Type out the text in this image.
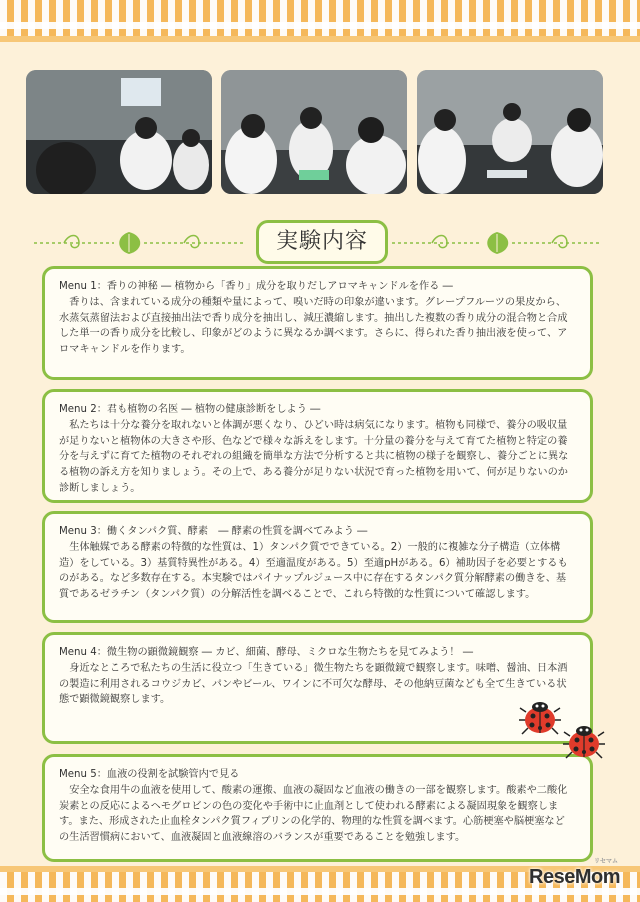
実験内容
Menu 1：香りの神秘 ― 植物から「香り」成分を取りだしアロマキャンドルを作る ―
香りは、含まれている成分の種類や量によって、嗅いだ時の印象が違います。グレープフルーツの果皮から、水蒸気蒸留法および直接抽出法で香り成分を抽出し、減圧濃縮します。抽出した複数の香り成分の混合物と合成した単一の香り成分を比較し、印象がどのように異なるか調べます。さらに、得られた香り抽出液を使って、アロマキャンドルを作ります。
Menu 2：君も植物の名医 ― 植物の健康診断をしよう ―
私たちは十分な養分を取れないと体調が悪くなり、ひどい時は病気になります。植物も同様で、養分の吸収量が足りないと植物体の大きさや形、色などで様々な訴えをします。十分量の養分を与えて育てた植物と特定の養分を与えずに育てた植物のそれぞれの組織を簡単な方法で分析すると共に植物の様子を観察し、養分ごとに異なる植物の訴え方を知りましょう。その上で、ある養分が足りない状況で育った植物を用いて、何が足りないのか診断しましょう。
Menu 3：働くタンパク質、酵素　― 酵素の性質を調べてみよう ―
生体触媒である酵素の特徴的な性質は、1）タンパク質でできている。2）一般的に複雑な分子構造（立体構造）をしている。3）基質特異性がある。4）至適温度がある。5）至適pHがある。6）補助因子を必要とするものがある。など多数存在する。本実験ではパイナップルジュース中に存在するタンパク質分解酵素の働きを、基質であるゼラチン（タンパク質）の分解活性を調べることで、これら特徴的な性質について確認します。
Menu 4：微生物の顕微鏡観察 ― カビ、細菌、酵母、ミクロな生物たちを見てみよう！ ―
身近なところで私たちの生活に役立つ「生きている」微生物たちを顕微鏡で観察します。味噌、醤油、日本酒の製造に利用されるコウジカビ、パンやビール、ワインに不可欠な酵母、その他納豆菌なども全て生きている状態で顕微鏡観察します。
Menu 5：血液の役割を試験管内で見る
安全な食用牛の血液を使用して、酸素の運搬、血液の凝固など血液の働きの一部を観察します。酸素や二酸化炭素との反応によるヘモグロビンの色の変化や手術中に止血剤として使われる酵素による凝固現象を観察します。また、形成された止血栓タンパク質フィブリンの化学的、物理的な性質を調べます。心筋梗塞や脳梗塞などの生活習慣病において、血液凝固と血液線溶のバランスが重要であることを勉強します。
リセマム
ReseMom
